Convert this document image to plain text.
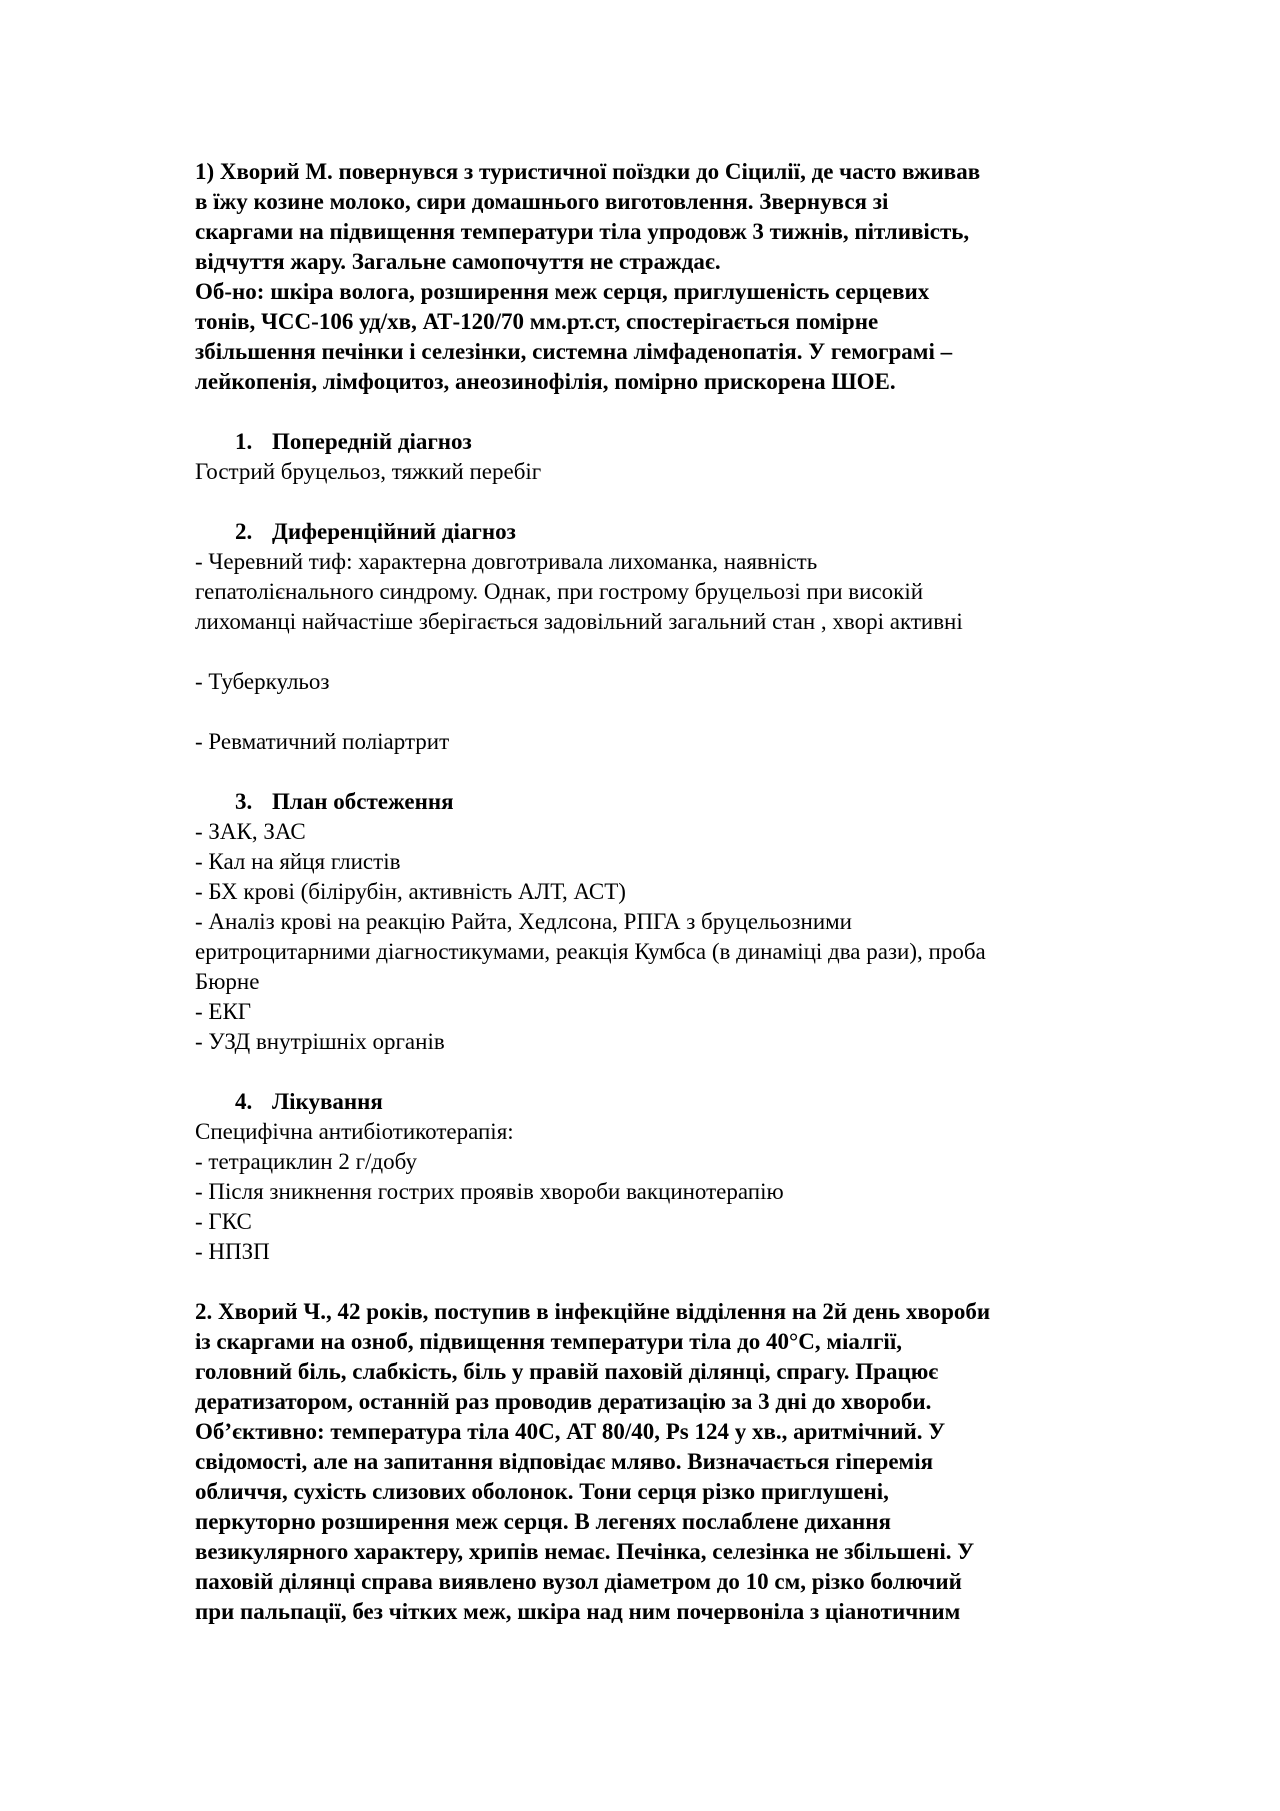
1) Хворий М. повернувся з туристичної поїздки до Сіцилії, де часто вживав
в їжу козине молоко, сири домашнього виготовлення. Звернувся зі
скаргами на підвищення температури тіла упродовж 3 тижнів, пітливість,
відчуття жару. Загальне самопочуття не страждає.
Об-но: шкіра волога, розширення меж серця, приглушеність серцевих
тонів, ЧСС-106 уд/хв, АТ-120/70 мм.рт.ст, спостерігається помірне
збільшення печінки і селезінки, системна лімфаденопатія. У гемограмі –
лейкопенія, лімфоцитоз, анеозинофілія, помірно прискорена ШОЕ.
1. Попередній діагноз
Гострий бруцельоз, тяжкий перебіг
2. Диференційний діагноз
- Черевний тиф: характерна довготривала лихоманка, наявність
гепатолієнального синдрому. Однак, при гострому бруцельозі при високій
лихоманці найчастіше зберігається задовільний загальний стан , хворі активні
- Туберкульоз
- Ревматичний поліартрит
3. План обстеження
- ЗАК, ЗАС
- Кал на яйця глистів
- БХ крові (білірубін, активність АЛТ, АСТ)
- Аналіз крові на реакцію Райта, Хедлсона, РПГА з бруцельозними
еритроцитарними діагностикумами, реакція Кумбса (в динаміці два рази), проба
Бюрне
- ЕКГ
- УЗД внутрішніх органів
4. Лікування
Специфічна антибіотикотерапія:
- тетрациклин 2 г/добу
- Після зникнення гострих проявів хвороби вакцинотерапію
- ГКС
- НПЗП
2. Хворий Ч., 42 років, поступив в інфекційне відділення на 2й день хвороби
із скаргами на озноб, підвищення температури тіла до 40°С, міалгії,
головний біль, слабкість, біль у правій паховій ділянці, спрагу. Працює
дератизатором, останній раз проводив дератизацію за 3 дні до хвороби.
Об’єктивно: температура тіла 40С, АТ 80/40, Ps 124 у хв., аритмічний. У
свідомості, але на запитання відповідає мляво. Визначається гіперемія
обличчя, сухість слизових оболонок. Тони серця різко приглушені,
перкуторно розширення меж серця. В легенях послаблене дихання
везикулярного характеру, хрипів немає. Печінка, селезінка не збільшені. У
паховій ділянці справа виявлено вузол діаметром до 10 см, різко болючий
при пальпації, без чітких меж, шкіра над ним почервоніла з ціанотичним
